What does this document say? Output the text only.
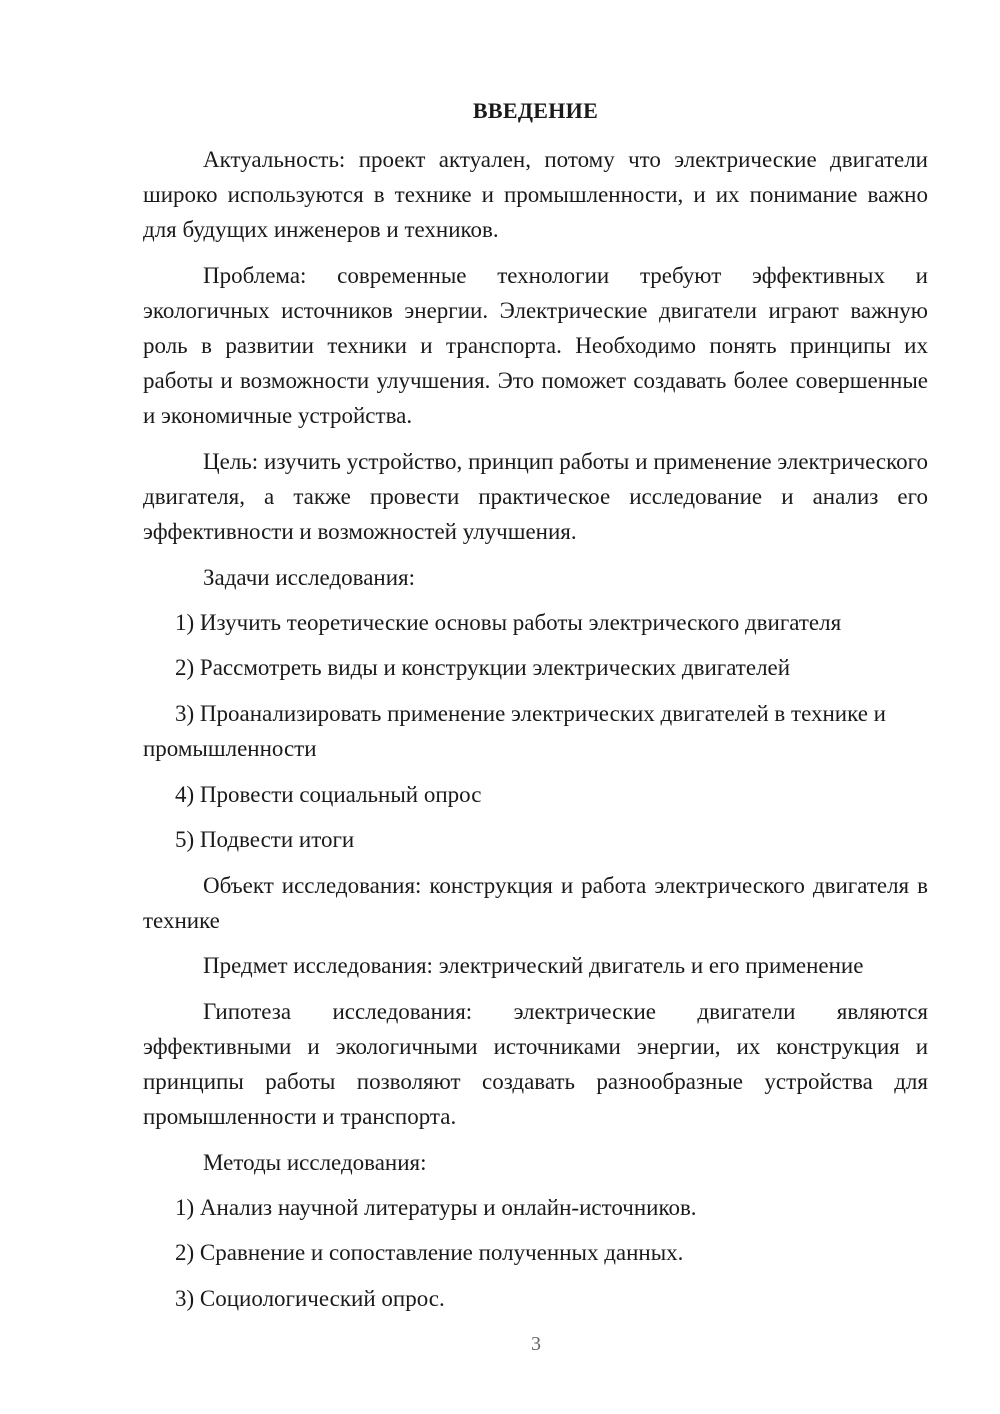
ВВЕДЕНИЕ

Актуальность: проект актуален, потому что электрические двигатели широко используются в технике и промышленности, и их понимание важно для будущих инженеров и техников.

Проблема: современные технологии требуют эффективных и экологичных источников энергии. Электрические двигатели играют важную роль в развитии техники и транспорта. Необходимо понять принципы их работы и возможности улучшения. Это поможет создавать более совершенные и экономичные устройства.

Цель: изучить устройство, принцип работы и применение электрического двигателя, а также провести практическое исследование и анализ его эффективности и возможностей улучшения.

Задачи исследования:

1) Изучить теоретические основы работы электрического двигателя

2) Рассмотреть виды и конструкции электрических двигателей

3) Проанализировать применение электрических двигателей в технике и промышленности

4) Провести социальный опрос

5) Подвести итоги

Объект исследования: конструкция и работа электрического двигателя в технике

Предмет исследования: электрический двигатель и его применение

Гипотеза исследования: электрические двигатели являются эффективными и экологичными источниками энергии, их конструкция и принципы работы позволяют создавать разнообразные устройства для промышленности и транспорта.

Методы исследования:

1) Анализ научной литературы и онлайн-источников.

2) Сравнение и сопоставление полученных данных.

3) Социологический опрос.

3
